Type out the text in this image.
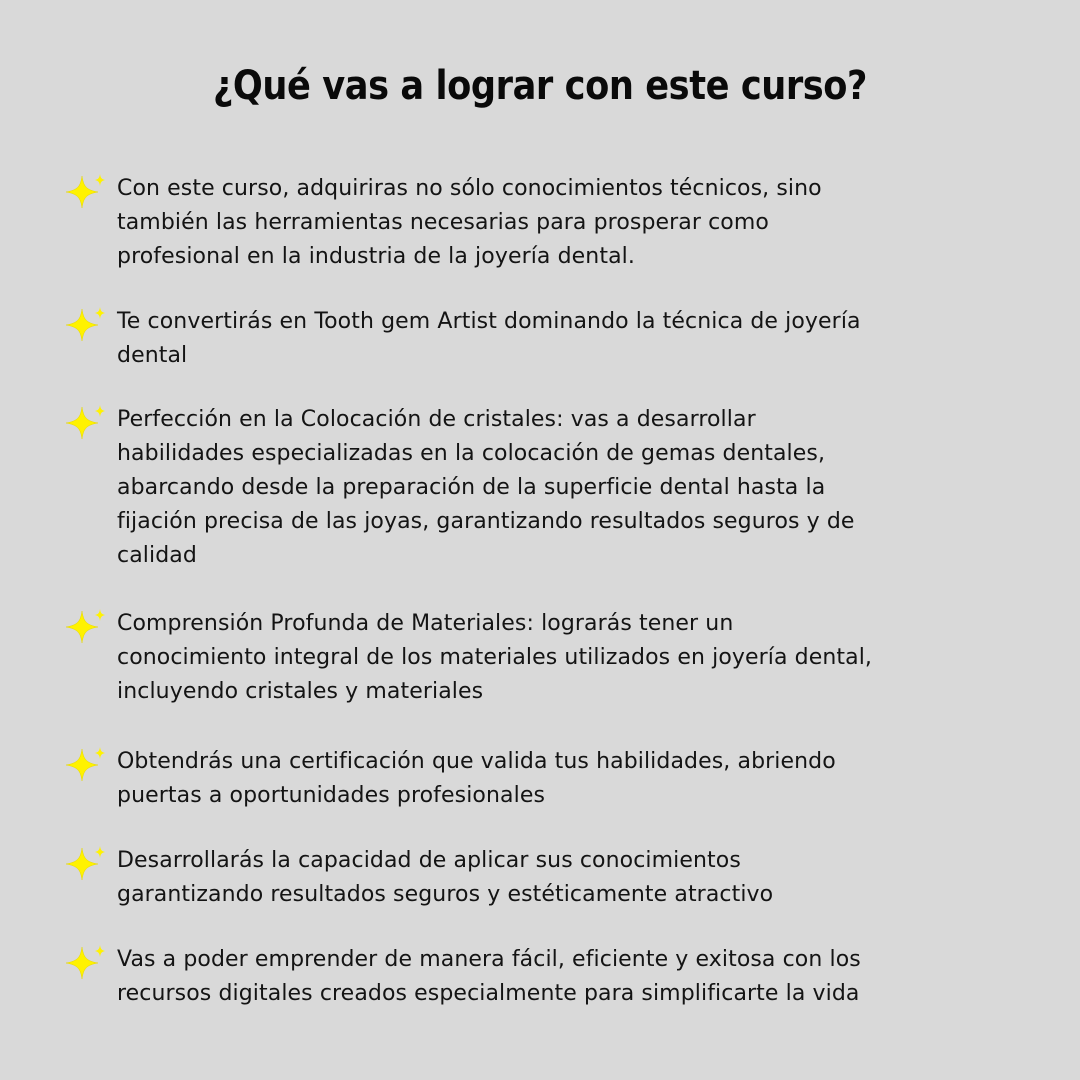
¿Qué vas a lograr con este curso?

Con este curso, adquiriras no sólo conocimientos técnicos, sino
también las herramientas necesarias para prosperar como
profesional en la industria de la joyería dental.

Te convertirás en Tooth gem Artist dominando la técnica de joyería
dental

Perfección en la Colocación de cristales: vas a desarrollar
habilidades especializadas en la colocación de gemas dentales,
abarcando desde la preparación de la superficie dental hasta la
fijación precisa de las joyas, garantizando resultados seguros y de
calidad

Comprensión Profunda de Materiales: lograrás tener un
conocimiento integral de los materiales utilizados en joyería dental,
incluyendo cristales y materiales

Obtendrás una certificación que valida tus habilidades, abriendo
puertas a oportunidades profesionales

Desarrollarás la capacidad de aplicar sus conocimientos
garantizando resultados seguros y estéticamente atractivo

Vas a poder emprender de manera fácil, eficiente y exitosa con los
recursos digitales creados especialmente para simplificarte la vida
